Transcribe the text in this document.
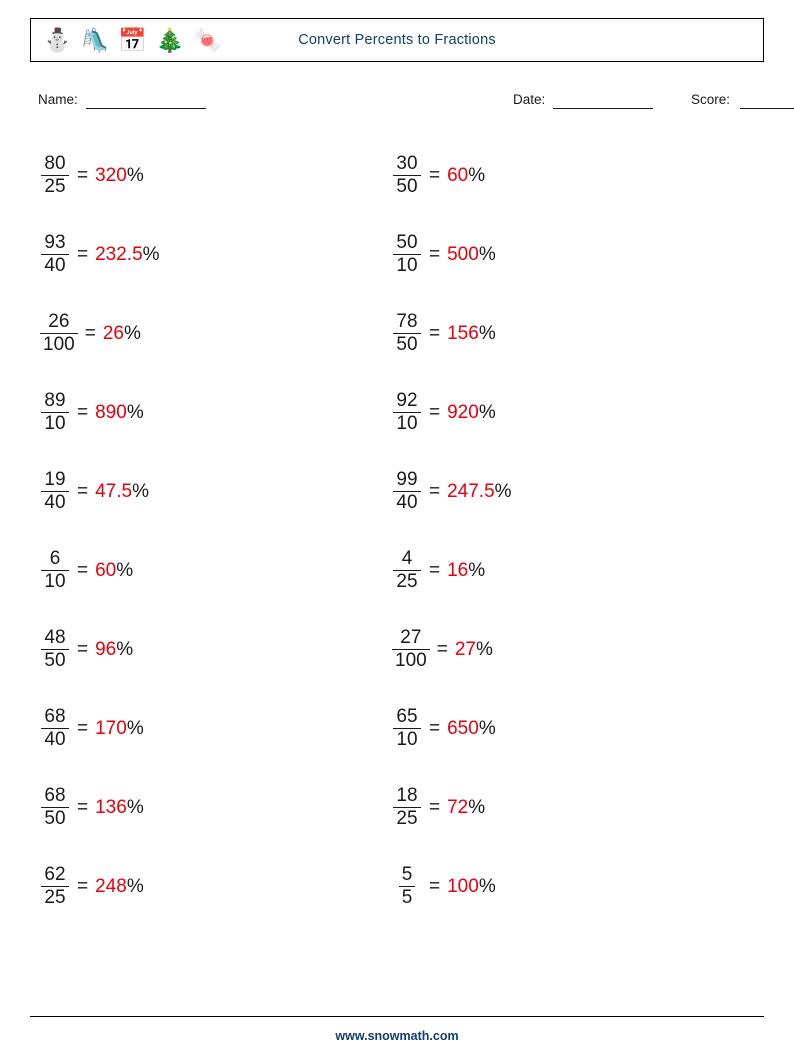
⛄ 🛝 📅 🎄 🍬	Convert Percents to Fractions
Name:	Date:	Score:
$\frac{80}{25} = 320$ %
$\frac{93}{40} = 232.5$ %
$\frac{26}{100} = 26$ %
$\frac{89}{10} = 890$ %
$\frac{19}{40} = 47.5$ %
$\frac{6}{10} = 60$ %
$\frac{48}{50} = 96$ %
$\frac{68}{40} = 170$ %
$\frac{68}{50} = 136$ %
$\frac{62}{25} = 248$ %
$\frac{30}{50} = 60$ %
$\frac{50}{10} = 500$ %
$\frac{78}{50} = 156$ %
$\frac{92}{10} = 920$ %
$\frac{99}{40} = 247.5$ %
$\frac{4}{25} = 16$ %
$\frac{27}{100} = 27$ %
$\frac{65}{10} = 650$ %
$\frac{18}{25} = 72$ %
$\frac{5}{5} = 100$ %
www.snowmath.com
